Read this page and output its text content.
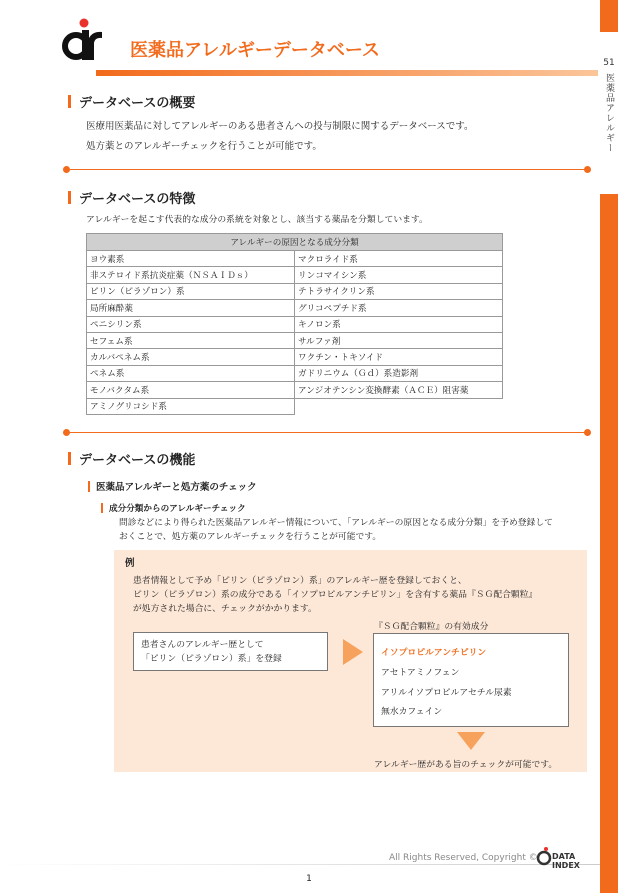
51
医薬品アレルギー
医薬品アレルギーデータベース
データベースの概要
医療用医薬品に対してアレルギーのある患者さんへの投与制限に関するデータベースです。
処方薬とのアレルギーチェックを行うことが可能です。
データベースの特徴
アレルギーを起こす代表的な成分の系統を対象とし、該当する薬品を分類しています。
アレルギーの原因となる成分分類	
ヨウ素系	マクロライド系
非ステロイド系抗炎症薬（ＮＳＡＩＤｓ）	リンコマイシン系
ピリン（ピラゾロン）系	テトラサイクリン系
局所麻酔薬	グリコペプチド系
ペニシリン系	キノロン系
セフェム系	サルファ剤
カルバペネム系	ワクチン・トキソイド
ペネム系	ガドリニウム（Ｇｄ）系造影剤
モノバクタム系	アンジオテンシン変換酵素（ＡＣＥ）阻害薬
アミノグリコシド系	
データベースの機能
医薬品アレルギーと処方薬のチェック
成分分類からのアレルギーチェック
問診などにより得られた医薬品アレルギー情報について、「アレルギーの原因となる成分分類」を予め登録して
おくことで、処方薬のアレルギーチェックを行うことが可能です。
例
患者情報として予め「ピリン（ピラゾロン）系」のアレルギー歴を登録しておくと、
ピリン（ピラゾロン）系の成分である「イソプロピルアンチピリン」を含有する薬品『ＳＧ配合顆粒』
が処方された場合に、チェックがかかります。
患者さんのアレルギー歴として
「ピリン（ピラゾロン）系」を登録
『ＳＧ配合顆粒』の有効成分
イソプロピルアンチピリン
アセトアミノフェン
アリルイソプロピルアセチル尿素
無水カフェイン
アレルギー歴がある旨のチェックが可能です。
All Rights Reserved, Copyright © DATA INDEX
1
